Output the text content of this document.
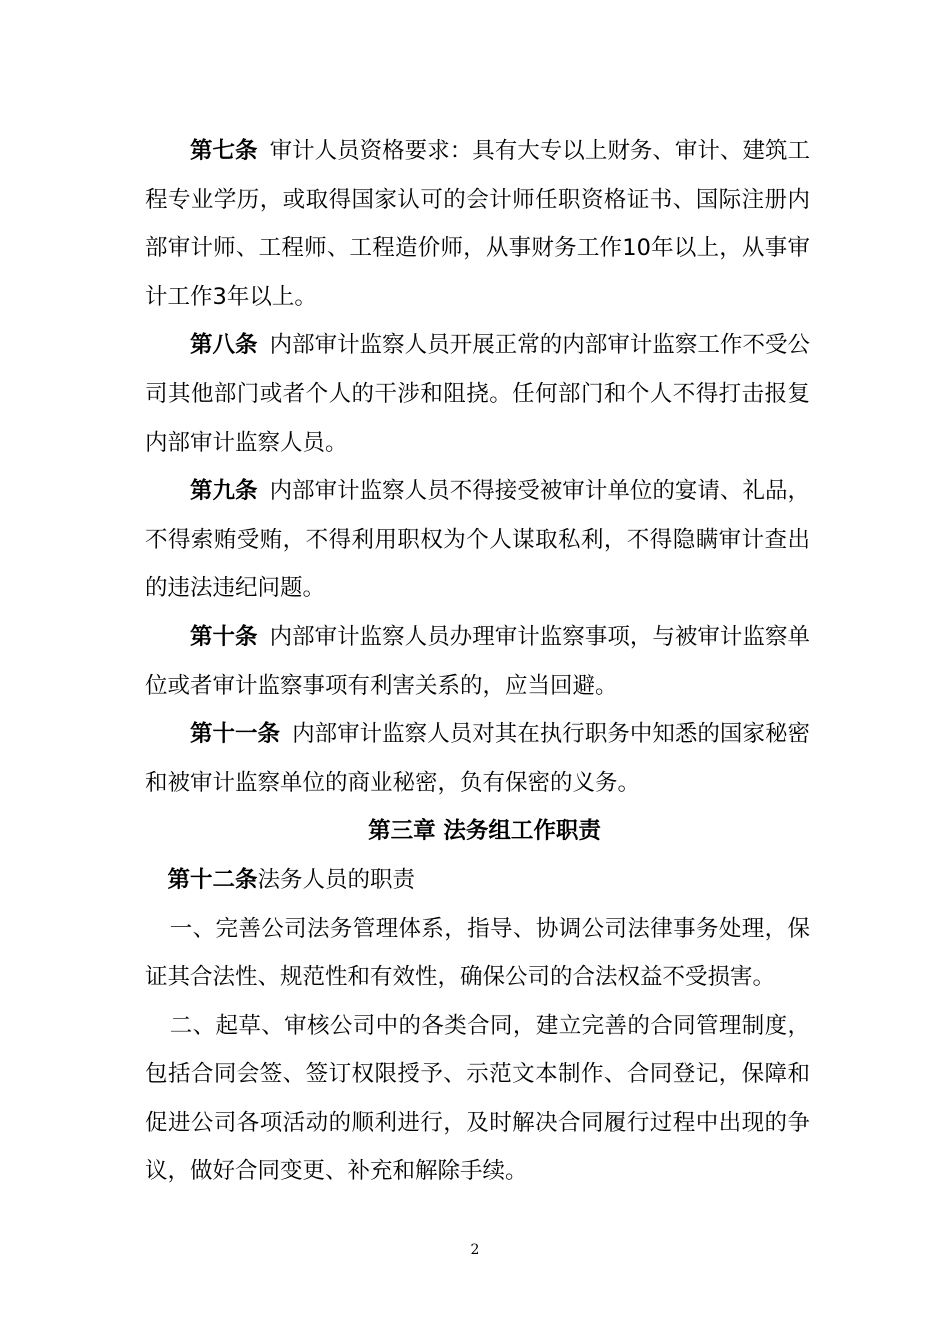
第七条 审计人员资格要求：具有大专以上财务、审计、建筑工程专业学历，或取得国家认可的会计师任职资格证书、国际注册内部审计师、工程师、工程造价师，从事财务工作10年以上，从事审计工作3年以上。

第八条 内部审计监察人员开展正常的内部审计监察工作不受公司其他部门或者个人的干涉和阻挠。任何部门和个人不得打击报复内部审计监察人员。

第九条 内部审计监察人员不得接受被审计单位的宴请、礼品，不得索贿受贿，不得利用职权为个人谋取私利，不得隐瞒审计查出的违法违纪问题。

第十条 内部审计监察人员办理审计监察事项，与被审计监察单位或者审计监察事项有利害关系的，应当回避。

第十一条 内部审计监察人员对其在执行职务中知悉的国家秘密和被审计监察单位的商业秘密，负有保密的义务。

第三章 法务组工作职责

第十二条法务人员的职责

一、完善公司法务管理体系，指导、协调公司法律事务处理，保证其合法性、规范性和有效性，确保公司的合法权益不受损害。

二、起草、审核公司中的各类合同，建立完善的合同管理制度，包括合同会签、签订权限授予、示范文本制作、合同登记，保障和促进公司各项活动的顺利进行，及时解决合同履行过程中出现的争议，做好合同变更、补充和解除手续。

2
